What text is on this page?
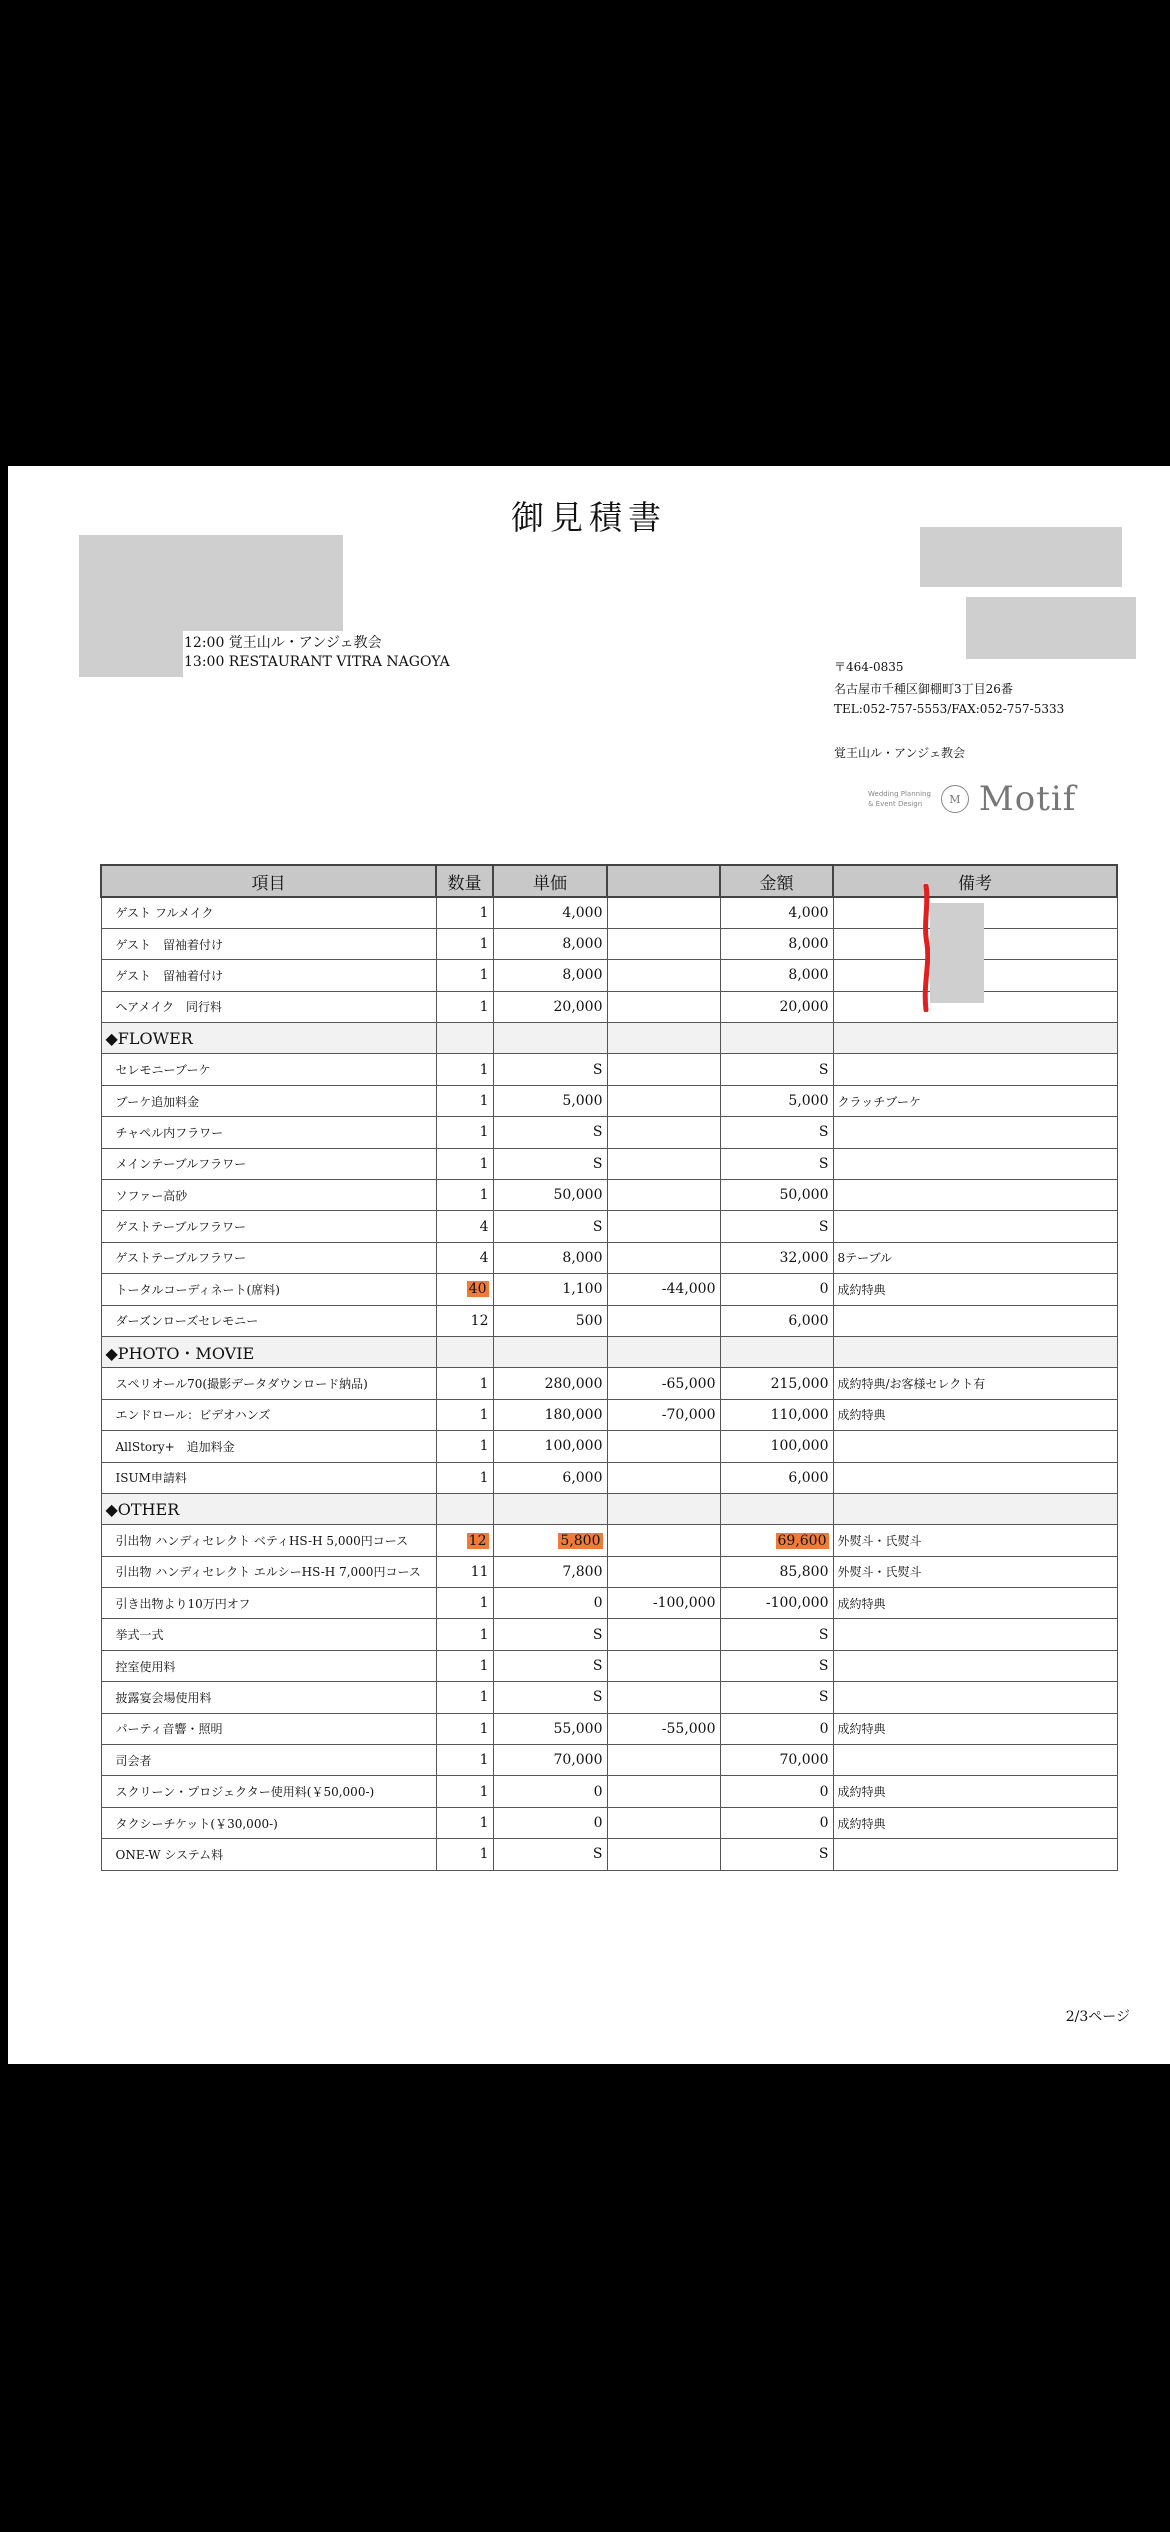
御見積書
12:00 覚王山ル・アンジェ教会
13:00 RESTAURANT VITRA NAGOYA	〒464-0835
名古屋市千種区御棚町3丁目26番
TEL:052-757-5553/FAX:052-757-5333
覚王山ル・アンジェ教会
Wedding Planning
& Event Design	M Motif
項目	数量	単価		金額	備考
ゲスト フルメイク	1	4,000		4,000	
ゲスト　留袖着付け	1	8,000		8,000	
ゲスト　留袖着付け	1	8,000		8,000	
ヘアメイク　同行料	1	20,000		20,000	
◆FLOWER					
セレモニーブーケ	1	S		S	
ブーケ追加料金	1	5,000		5,000	クラッチブーケ
チャペル内フラワー	1	S		S	
メインテーブルフラワー	1	S		S	
ソファー高砂	1	50,000		50,000	
ゲストテーブルフラワー	4	S		S	
ゲストテーブルフラワー	4	8,000		32,000	8テーブル
トータルコーディネート(席料)	40	1,100	-44,000	0	成約特典
ダーズンローズセレモニー	12	500		6,000	
◆PHOTO・MOVIE					
スペリオール70(撮影データダウンロード納品)	1	280,000	-65,000	215,000	成約特典/お客様セレクト有
エンドロール：ビデオハンズ	1	180,000	-70,000	110,000	成約特典
AllStory+　追加料金	1	100,000		100,000	
ISUM申請料	1	6,000		6,000	
◆OTHER					
引出物 ハンディセレクト ベティHS-H 5,000円コース	12	5,800		69,600	外熨斗・氏熨斗
引出物 ハンディセレクト エルシーHS-H 7,000円コース	11	7,800		85,800	外熨斗・氏熨斗
引き出物より10万円オフ	1	0	-100,000	-100,000	成約特典
挙式一式	1	S		S	
控室使用料	1	S		S	
披露宴会場使用料	1	S		S	
パーティ音響・照明	1	55,000	-55,000	0	成約特典
司会者	1	70,000		70,000	
スクリーン・プロジェクター使用料(￥50,000-)	1	0		0	成約特典
タクシーチケット(￥30,000-)	1	0		0	成約特典
ONE-W システム料	1	S		S	
2/3ページ
